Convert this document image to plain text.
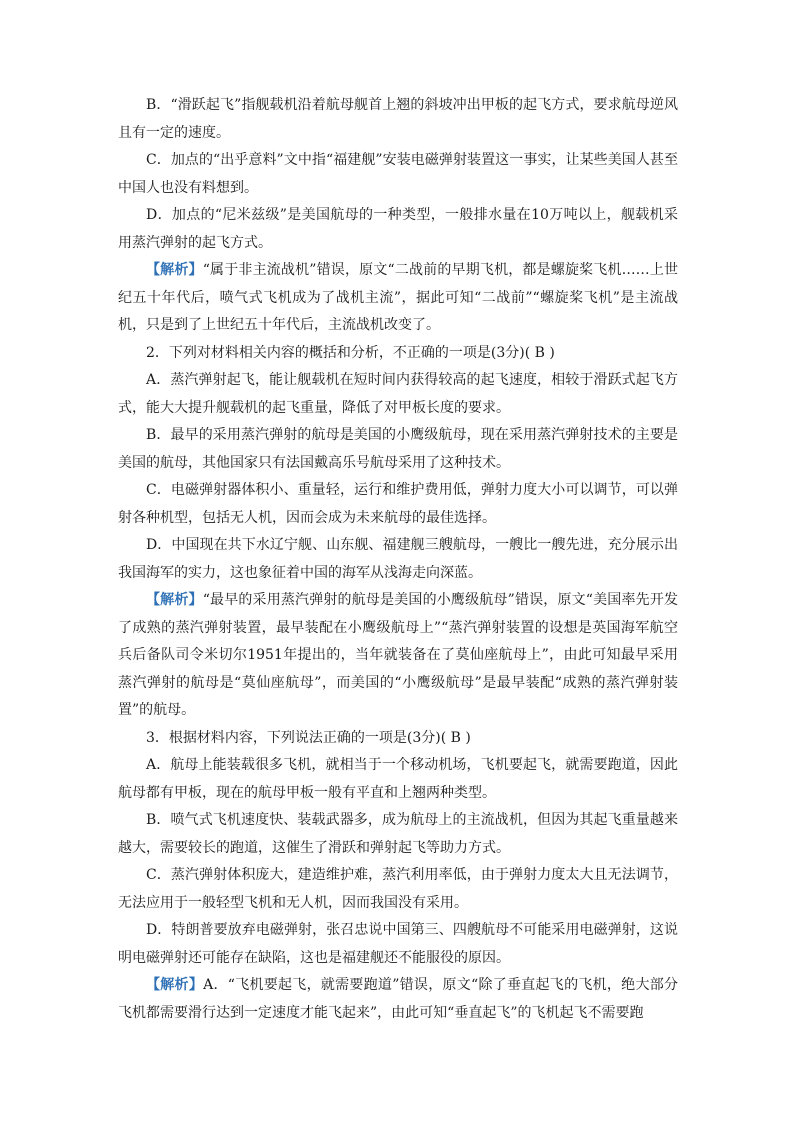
B．“滑跃起飞”指舰载机沿着航母舰首上翘的斜坡冲出甲板的起飞方式，要求航母逆风且有一定的速度。

C．加点的“出乎意料”文中指“福建舰”安装电磁弹射装置这一事实，让某些美国人甚至中国人也没有料想到。

D．加点的“尼米兹级”是美国航母的一种类型，一般排水量在10万吨以上，舰载机采用蒸汽弹射的起飞方式。

【解析】“属于非主流战机”错误，原文“二战前的早期飞机，都是螺旋桨飞机……上世纪五十年代后，喷气式飞机成为了战机主流”，据此可知“二战前”“螺旋桨飞机”是主流战机，只是到了上世纪五十年代后，主流战机改变了。

2．下列对材料相关内容的概括和分析，不正确的一项是(3分)( B )

A．蒸汽弹射起飞，能让舰载机在短时间内获得较高的起飞速度，相较于滑跃式起飞方式，能大大提升舰载机的起飞重量，降低了对甲板长度的要求。

B．最早的采用蒸汽弹射的航母是美国的小鹰级航母，现在采用蒸汽弹射技术的主要是美国的航母，其他国家只有法国戴高乐号航母采用了这种技术。

C．电磁弹射器体积小、重量轻，运行和维护费用低，弹射力度大小可以调节，可以弹射各种机型，包括无人机，因而会成为未来航母的最佳选择。

D．中国现在共下水辽宁舰、山东舰、福建舰三艘航母，一艘比一艘先进，充分展示出我国海军的实力，这也象征着中国的海军从浅海走向深蓝。

【解析】“最早的采用蒸汽弹射的航母是美国的小鹰级航母”错误，原文“美国率先开发了成熟的蒸汽弹射装置，最早装配在小鹰级航母上”“蒸汽弹射装置的设想是英国海军航空兵后备队司令米切尔1951年提出的，当年就装备在了莫仙座航母上”，由此可知最早采用蒸汽弹射的航母是“莫仙座航母”，而美国的“小鹰级航母”是最早装配“成熟的蒸汽弹射装置”的航母。

3．根据材料内容，下列说法正确的一项是(3分)( B )

A．航母上能装载很多飞机，就相当于一个移动机场，飞机要起飞，就需要跑道，因此航母都有甲板，现在的航母甲板一般有平直和上翘两种类型。

B．喷气式飞机速度快、装载武器多，成为航母上的主流战机，但因为其起飞重量越来越大，需要较长的跑道，这催生了滑跃和弹射起飞等助力方式。

C．蒸汽弹射体积庞大，建造维护难，蒸汽利用率低，由于弹射力度太大且无法调节，无法应用于一般轻型飞机和无人机，因而我国没有采用。

D．特朗普要放弃电磁弹射，张召忠说中国第三、四艘航母不可能采用电磁弹射，这说明电磁弹射还可能存在缺陷，这也是福建舰还不能服役的原因。

【解析】A．“飞机要起飞，就需要跑道”错误，原文“除了垂直起飞的飞机，绝大部分飞机都需要滑行达到一定速度才能飞起来”，由此可知“垂直起飞”的飞机起飞不需要跑
